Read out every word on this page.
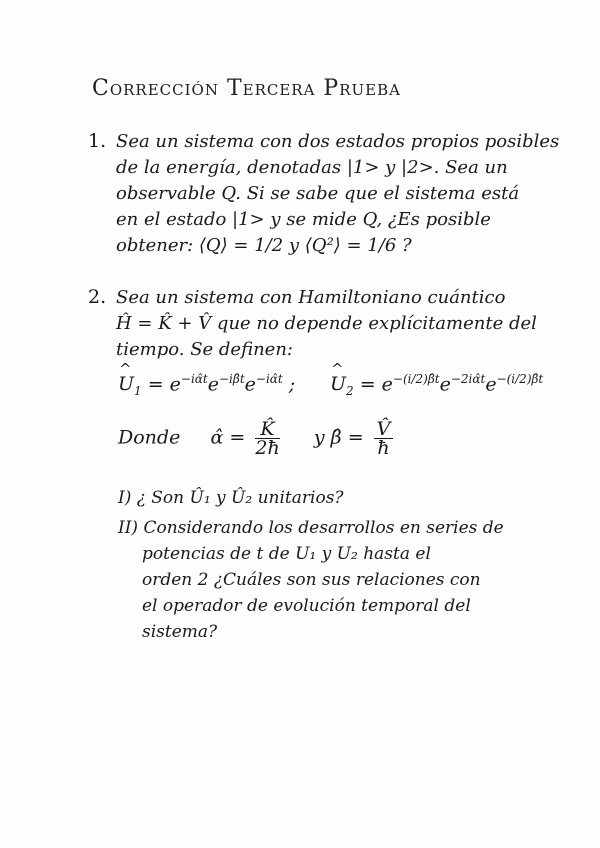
Corrección Tercera Prueba
1. Sea un sistema con dos estados propios posibles
de la energía, denotadas |1> y |2>. Sea un
observable Q. Si se sabe que el sistema está
en el estado |1> y se mide Q, ¿Es posible
obtener: ⟨Q⟩ = 1/2 y ⟨Q²⟩ = 1/6 ?
2. Sea un sistema con Hamiltoniano cuántico
Ĥ = K̂ + V̂ que no depende explícitamente del
tiempo. Se definen:
^ $U_1 = e^{-i\alphât}e^{-i\betât}e^{-i\alphât}$ ;
^ $U_2 = e^{-(i/2)\betât}e^{-2i\alphât}e^{-(i/2)\betât}$
Donde     α̂ = $\frac{K̂}{2ħ}$ y β̂ = $\frac{V̂}{ħ}$
I) ¿ Son Û₁ y Û₂ unitarios?
II) Considerando los desarrollos en series de
potencias de t de U₁ y U₂ hasta el
orden 2 ¿Cuáles son sus relaciones con
el operador de evolución temporal del
sistema?
